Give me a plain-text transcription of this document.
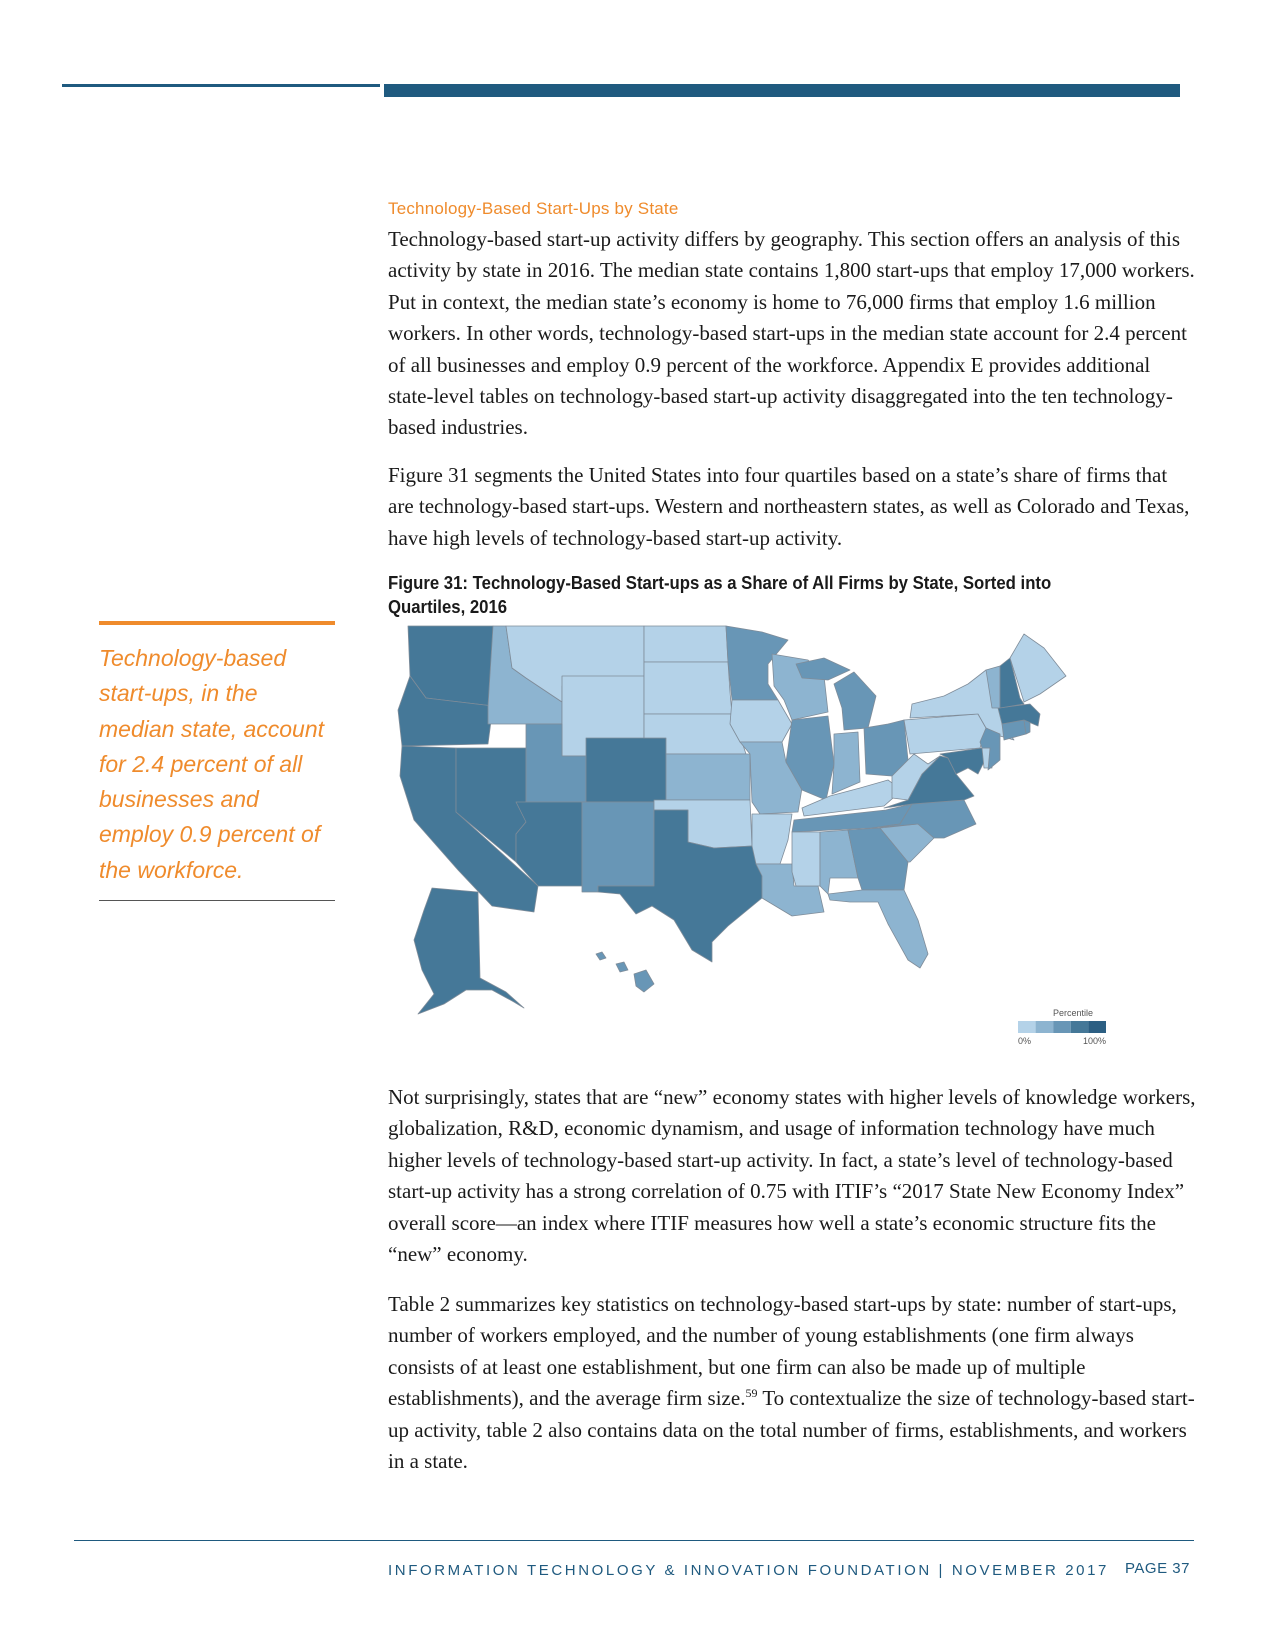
Technology-Based Start-Ups by State

Technology-based start-up activity differs by geography. This section offers an analysis of this activity by state in 2016. The median state contains 1,800 start-ups that employ 17,000 workers. Put in context, the median state’s economy is home to 76,000 firms that employ 1.6 million workers. In other words, technology-based start-ups in the median state account for 2.4 percent of all businesses and employ 0.9 percent of the workforce. Appendix E provides additional state-level tables on technology-based start-up activity disaggregated into the ten technology-based industries.

Figure 31 segments the United States into four quartiles based on a state’s share of firms that are technology-based start-ups. Western and northeastern states, as well as Colorado and Texas, have high levels of technology-based start-up activity.

Figure 31: Technology-Based Start-ups as a Share of All Firms by State, Sorted into Quartiles, 2016
Technology-based start-ups, in the median state, account for 2.4 percent of all businesses and employ 0.9 percent of the workforce.
Percentile
0%	100%

Not surprisingly, states that are “new” economy states with higher levels of knowledge workers, globalization, R&D, economic dynamism, and usage of information technology have much higher levels of technology-based start-up activity. In fact, a state’s level of technology-based start-up activity has a strong correlation of 0.75 with ITIF’s “2017 State New Economy Index” overall score—an index where ITIF measures how well a state’s economic structure fits the “new” economy.

Table 2 summarizes key statistics on technology-based start-ups by state: number of start-ups, number of workers employed, and the number of young establishments (one firm always consists of at least one establishment, but one firm can also be made up of multiple establishments), and the average firm size.$^{59}$ To contextualize the size of technology-based start-up activity, table 2 also contains data on the total number of firms, establishments, and workers in a state.

INFORMATION TECHNOLOGY & INNOVATION FOUNDATION | NOVEMBER 2017 PAGE 37
